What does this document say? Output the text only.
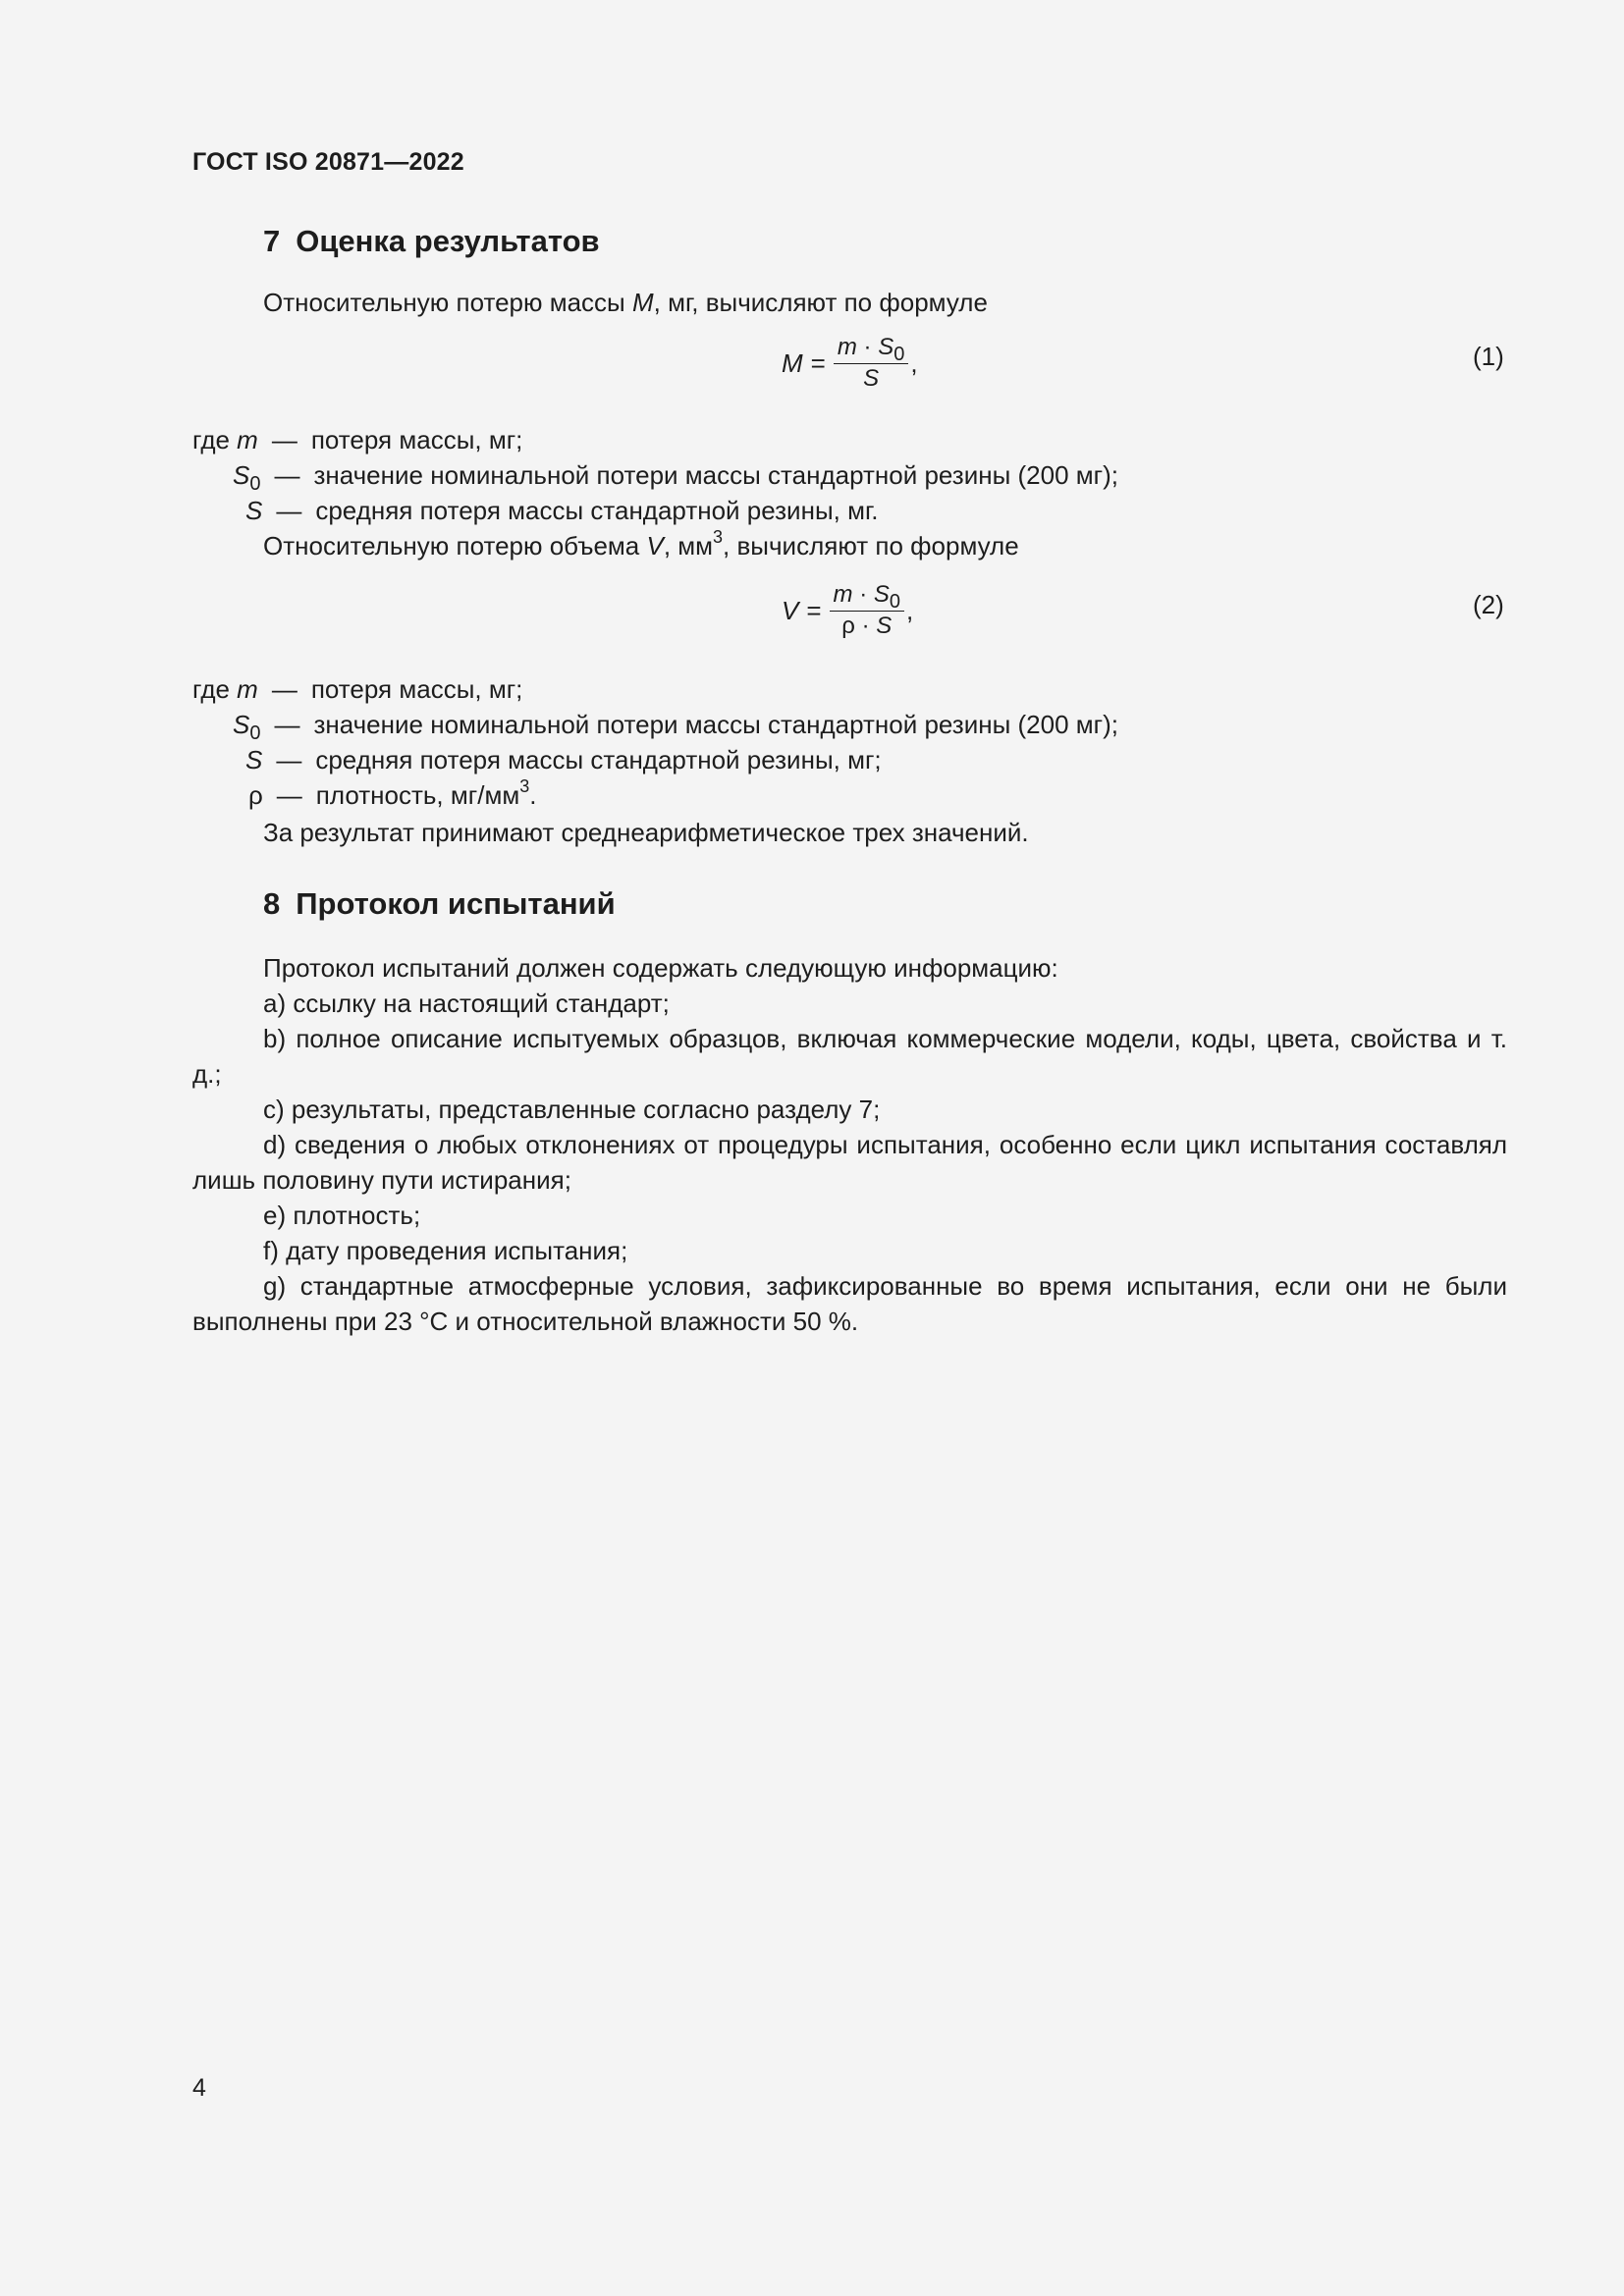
ГОСТ ISO 20871—2022
7 Оценка результатов
Относительную потерю массы M, мг, вычисляют по формуле
$M = \frac{m \cdot S_0}{S}$ ,	(1)
где m — потеря массы, мг;
$S_0$ — значение номинальной потери массы стандартной резины (200 мг);
S — средняя потеря массы стандартной резины, мг.
Относительную потерю объема V, $мм^3$, вычисляют по формуле
$V = \frac{m \cdot S_0}{\rho \cdot S}$ ,	(2)
где m — потеря массы, мг;
$S_0$ — значение номинальной потери массы стандартной резины (200 мг);
S — средняя потеря массы стандартной резины, мг;
ρ — плотность, $мг/мм^3$.
За результат принимают среднеарифметическое трех значений.
8 Протокол испытаний
Протокол испытаний должен содержать следующую информацию:
a) ссылку на настоящий стандарт;
b) полное описание испытуемых образцов, включая коммерческие модели, коды, цвета, свойства и т. д.;
c) результаты, представленные согласно разделу 7;
d) сведения о любых отклонениях от процедуры испытания, особенно если цикл испытания составлял лишь половину пути истирания;
e) плотность;
f) дату проведения испытания;
g) стандартные атмосферные условия, зафиксированные во время испытания, если они не были выполнены при 23 °С и относительной влажности 50 %.
4
